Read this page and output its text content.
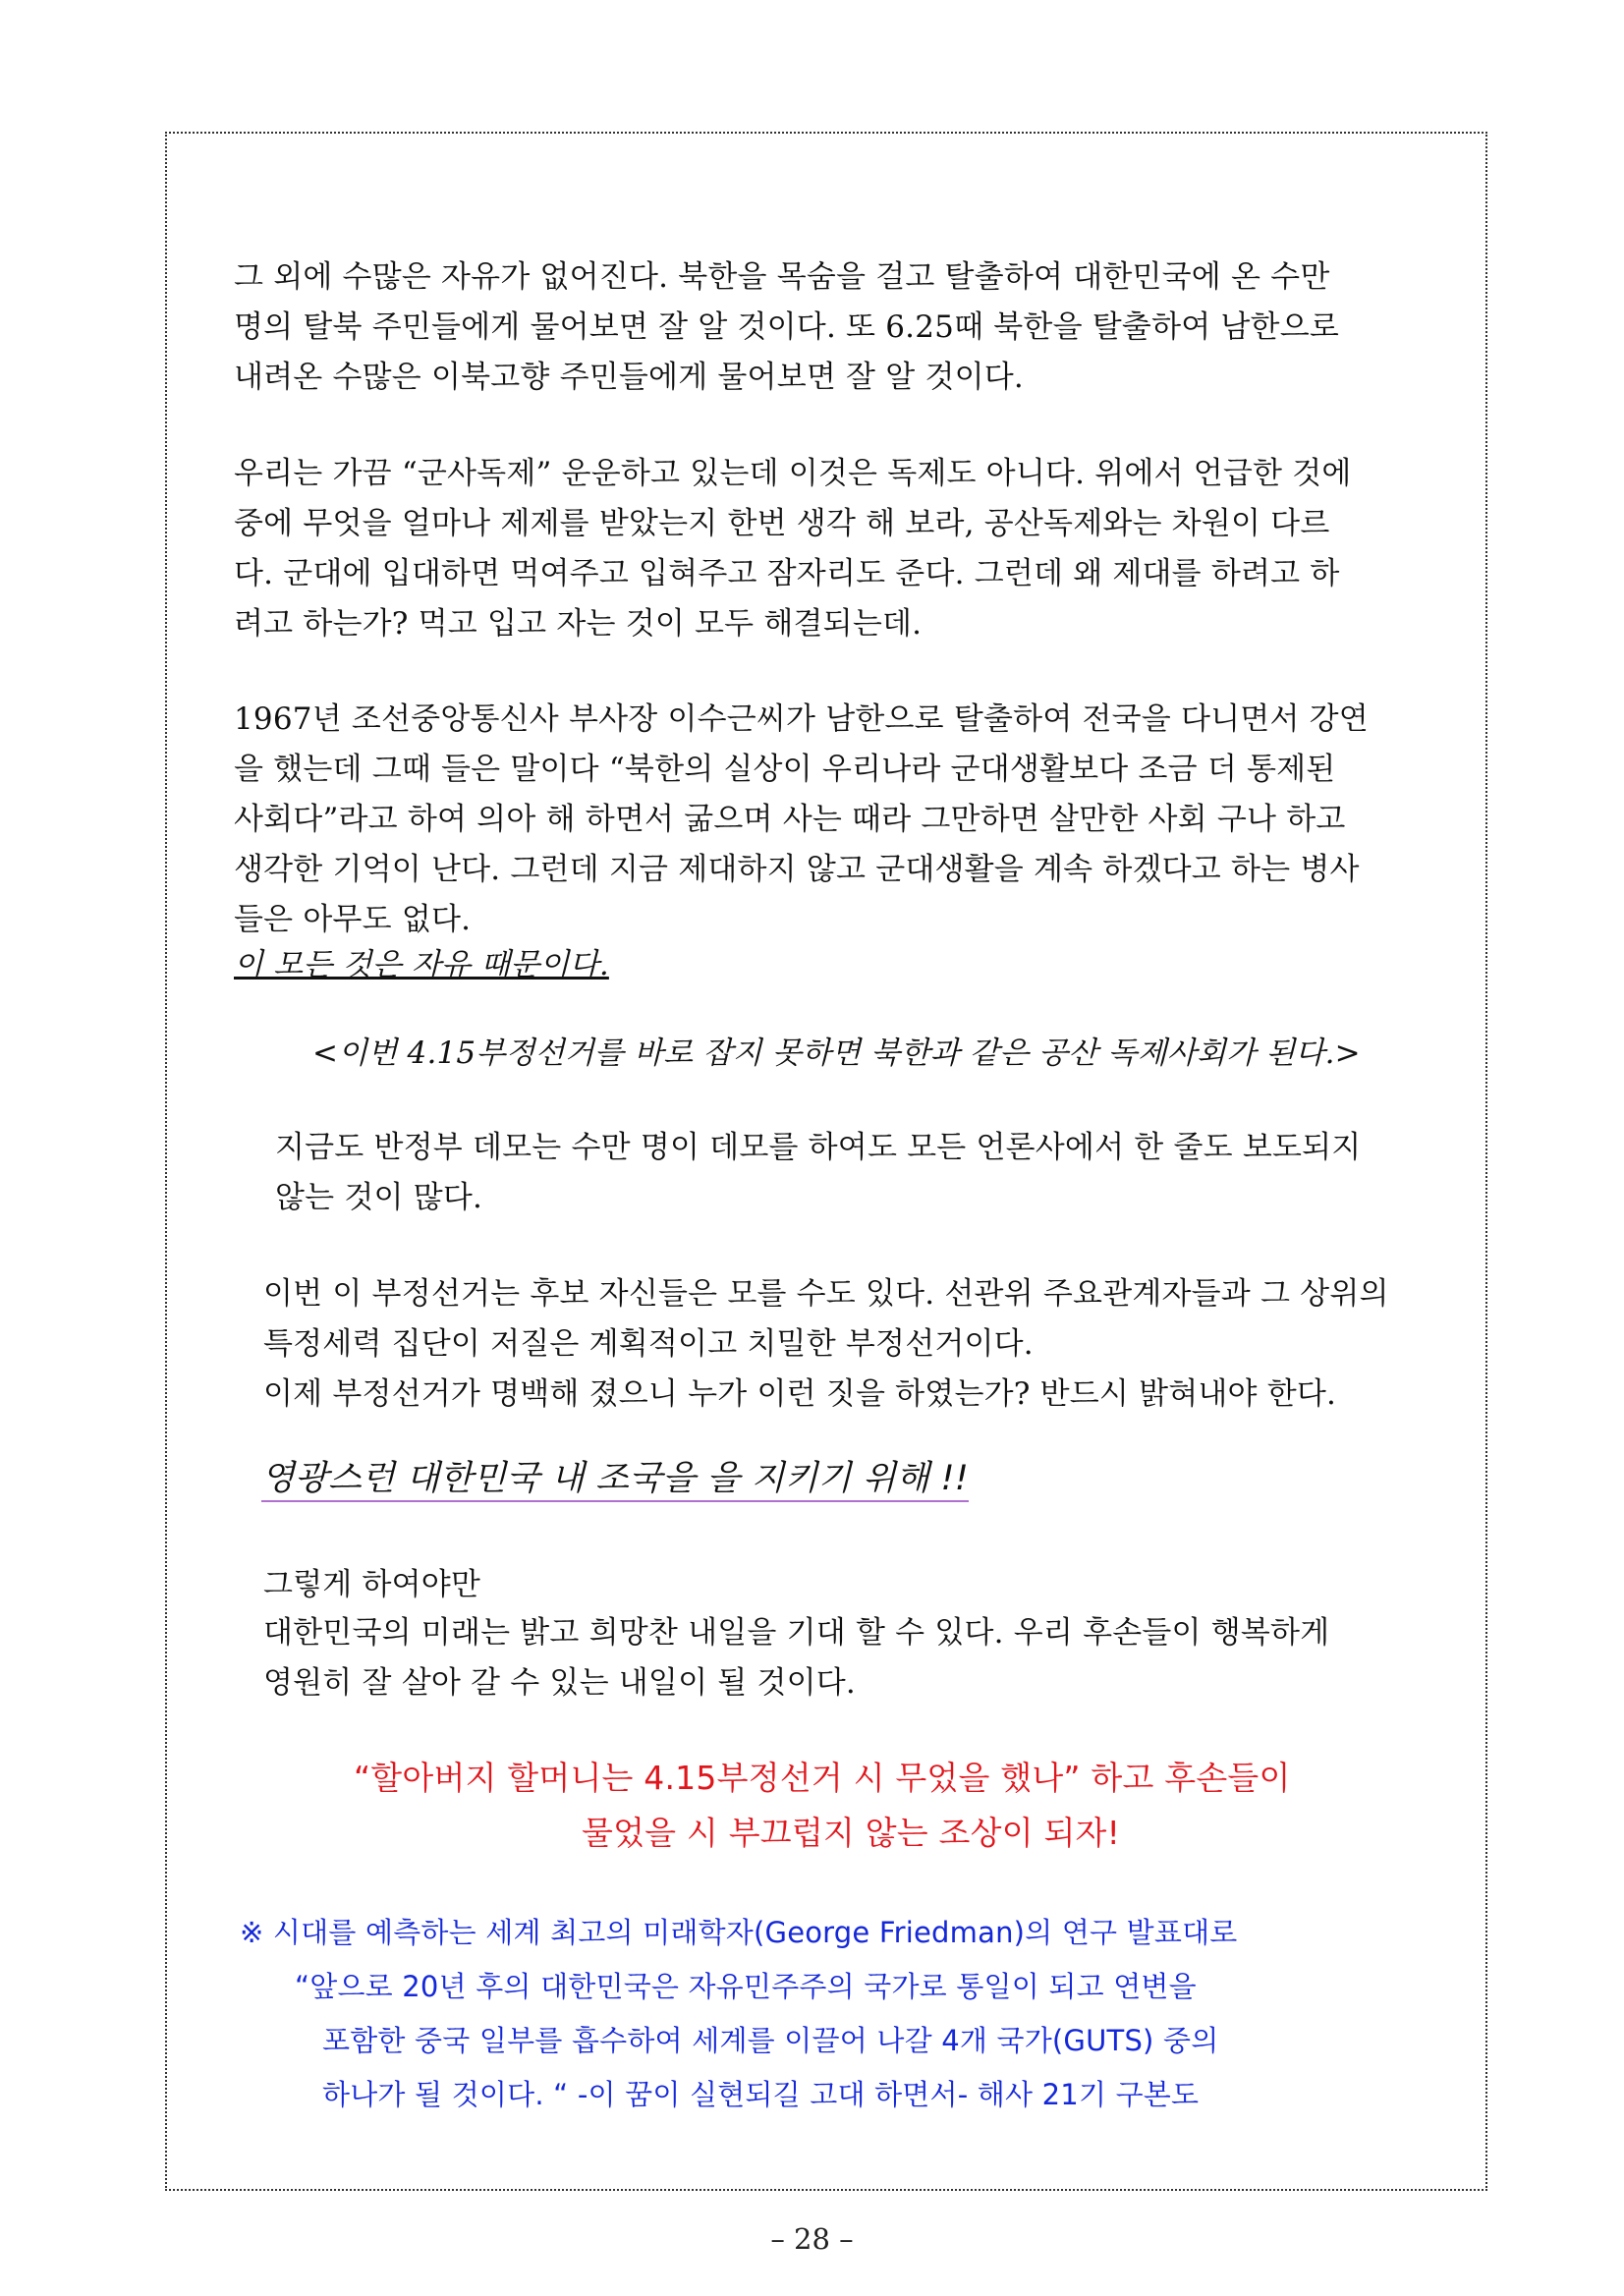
그 외에 수많은 자유가 없어진다. 북한을 목숨을 걸고 탈출하여 대한민국에 온 수만
명의 탈북 주민들에게 물어보면 잘 알 것이다. 또 6.25때 북한을 탈출하여 남한으로
내려온 수많은 이북고향 주민들에게 물어보면 잘 알 것이다.
우리는 가끔 “군사독제” 운운하고 있는데 이것은 독제도 아니다. 위에서 언급한 것에
중에 무엇을 얼마나 제제를 받았는지 한번 생각 해 보라, 공산독제와는 차원이 다르
다. 군대에 입대하면 먹여주고 입혀주고 잠자리도 준다. 그런데 왜 제대를 하려고 하
려고 하는가? 먹고 입고 자는 것이 모두 해결되는데.
1967년 조선중앙통신사 부사장 이수근씨가 남한으로 탈출하여 전국을 다니면서 강연
을 했는데 그때 들은 말이다 “북한의 실상이 우리나라 군대생활보다 조금 더 통제된
사회다”라고 하여 의아 해 하면서 굶으며 사는 때라 그만하면 살만한 사회 구나 하고
생각한 기억이 난다. 그런데 지금 제대하지 않고 군대생활을 계속 하겠다고 하는 병사
들은 아무도 없다.
이 모든 것은 자유 때문이다.
<이번 4.15부정선거를 바로 잡지 못하면 북한과 같은 공산 독제사회가 된다.>
지금도 반정부 데모는 수만 명이 데모를 하여도 모든 언론사에서 한 줄도 보도되지
않는 것이 많다.
이번 이 부정선거는 후보 자신들은 모를 수도 있다. 선관위 주요관계자들과 그 상위의
특정세력 집단이 저질은 계획적이고 치밀한 부정선거이다.
이제 부정선거가 명백해 졌으니 누가 이런 짓을 하였는가? 반드시 밝혀내야 한다.
영광스런 대한민국 내 조국을 을 지키기 위해 !!
그렇게 하여야만
대한민국의 미래는 밝고 희망찬 내일을 기대 할 수 있다. 우리 후손들이 행복하게
영원히 잘 살아 갈 수 있는 내일이 될 것이다.
“할아버지 할머니는 4.15부정선거 시 무었을 했나” 하고 후손들이
물었을 시 부끄럽지 않는 조상이 되자!
※ 시대를 예측하는 세계 최고의 미래학자(George Friedman)의 연구 발표대로
“앞으로 20년 후의 대한민국은 자유민주주의 국가로 통일이 되고 연변을
포함한 중국 일부를 흡수하여 세계를 이끌어 나갈 4개 국가(GUTS) 중의
하나가 될 것이다. “ -이 꿈이 실현되길 고대 하면서- 해사 21기 구본도
– 28 –
